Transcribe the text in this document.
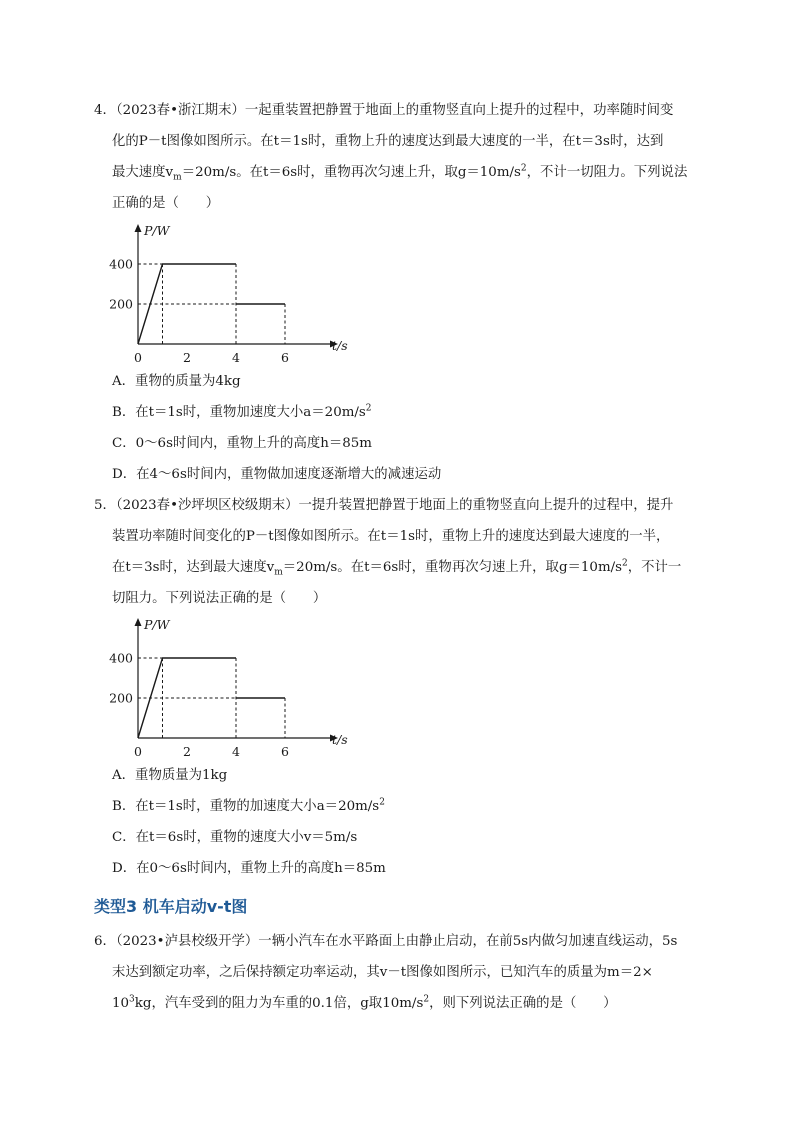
4．（2023春•浙江期末）一起重装置把静置于地面上的重物竖直向上提升的过程中，功率随时间变
化的P－t图像如图所示。在t＝1s时，重物上升的速度达到最大速度的一半，在t＝3s时，达到
最大速度$v_m=20m/s$。在t＝6s时，重物再次匀速上升，取$g=10m/s^2$，不计一切阻力。下列说法
正确的是（　　）
0	2	4	6
200
400
P/W
t/s
A．重物的质量为4kg
B．在t＝1s时，重物加速度大小$a=20m/s^2$
C．0～6s时间内，重物上升的高度h＝85m
D．在4～6s时间内，重物做加速度逐渐增大的减速运动
5．（2023春•沙坪坝区校级期末）一提升装置把静置于地面上的重物竖直向上提升的过程中，提升
装置功率随时间变化的P－t图像如图所示。在t＝1s时，重物上升的速度达到最大速度的一半，
在t＝3s时，达到最大速度$v_m=20m/s$。在t＝6s时，重物再次匀速上升，取$g=10m/s^2$，不计一
切阻力。下列说法正确的是（　　）
0	2	4	6
200
400
P/W
t/s
A．重物质量为1kg
B．在t＝1s时，重物的加速度大小$a=20m/s^2$
C．在t＝6s时，重物的速度大小v＝5m/s
D．在0～6s时间内，重物上升的高度h＝85m
类型3 机车启动v-t图
6．（2023•泸县校级开学）一辆小汽车在水平路面上由静止启动，在前5s内做匀加速直线运动，5s
末达到额定功率，之后保持额定功率运动，其v－t图像如图所示，已知汽车的质量为m＝2×
$10^3kg$，汽车受到的阻力为车重的0.1倍，g取$10m/s^2$，则下列说法正确的是（　　）
